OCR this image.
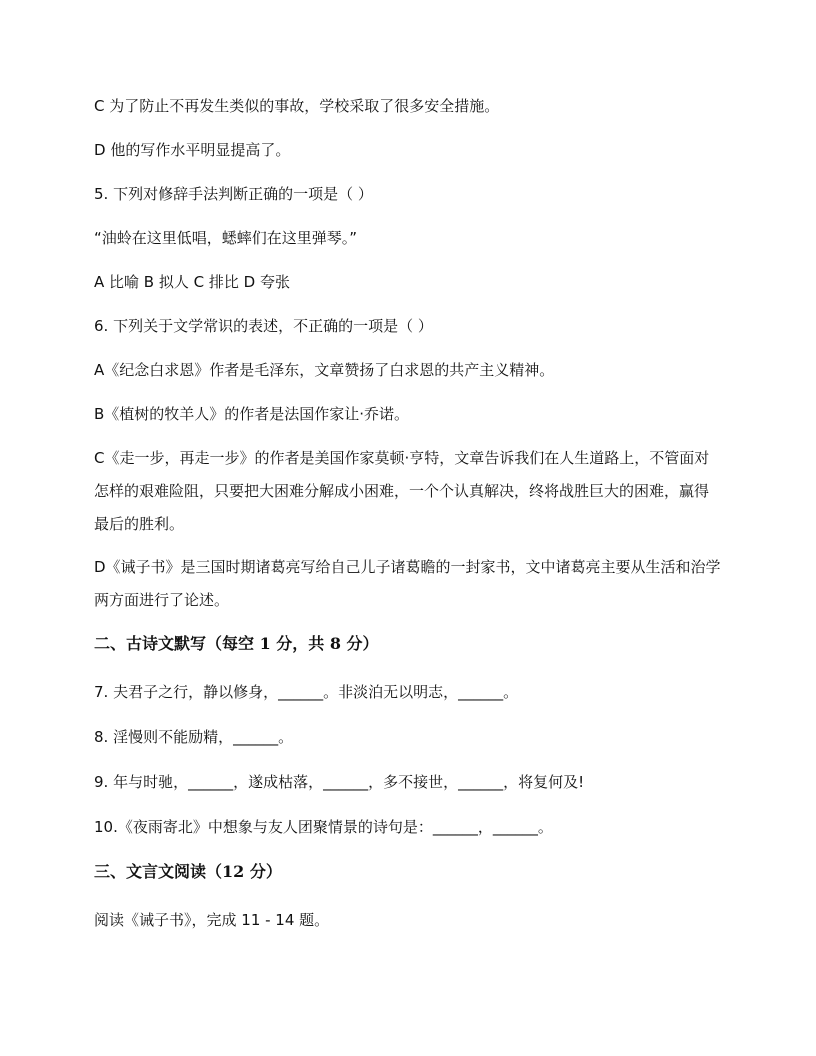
C 为了防止不再发生类似的事故，学校采取了很多安全措施。
D 他的写作水平明显提高了。
5. 下列对修辞手法判断正确的一项是（ ）
“油蛉在这里低唱，蟋蟀们在这里弹琴。”
A 比喻 B 拟人 C 排比 D 夸张
6. 下列关于文学常识的表述，不正确的一项是（ ）
A《纪念白求恩》作者是毛泽东，文章赞扬了白求恩的共产主义精神。
B《植树的牧羊人》的作者是法国作家让·乔诺。
C《走一步，再走一步》的作者是美国作家莫顿·亨特，文章告诉我们在人生道路上，不管面对怎样的艰难险阻，只要把大困难分解成小困难，一个个认真解决，终将战胜巨大的困难，赢得最后的胜利。
D《诫子书》是三国时期诸葛亮写给自己儿子诸葛瞻的一封家书，文中诸葛亮主要从生活和治学两方面进行了论述。
二、古诗文默写（每空 1 分，共 8 分）
7. 夫君子之行，静以修身，______。非淡泊无以明志，______。
8. 淫慢则不能励精，______。
9. 年与时驰，______，遂成枯落，______，多不接世，______，将复何及!
10.《夜雨寄北》中想象与友人团聚情景的诗句是：______，______。
三、文言文阅读（12 分）
阅读《诫子书》，完成 11 - 14 题。
